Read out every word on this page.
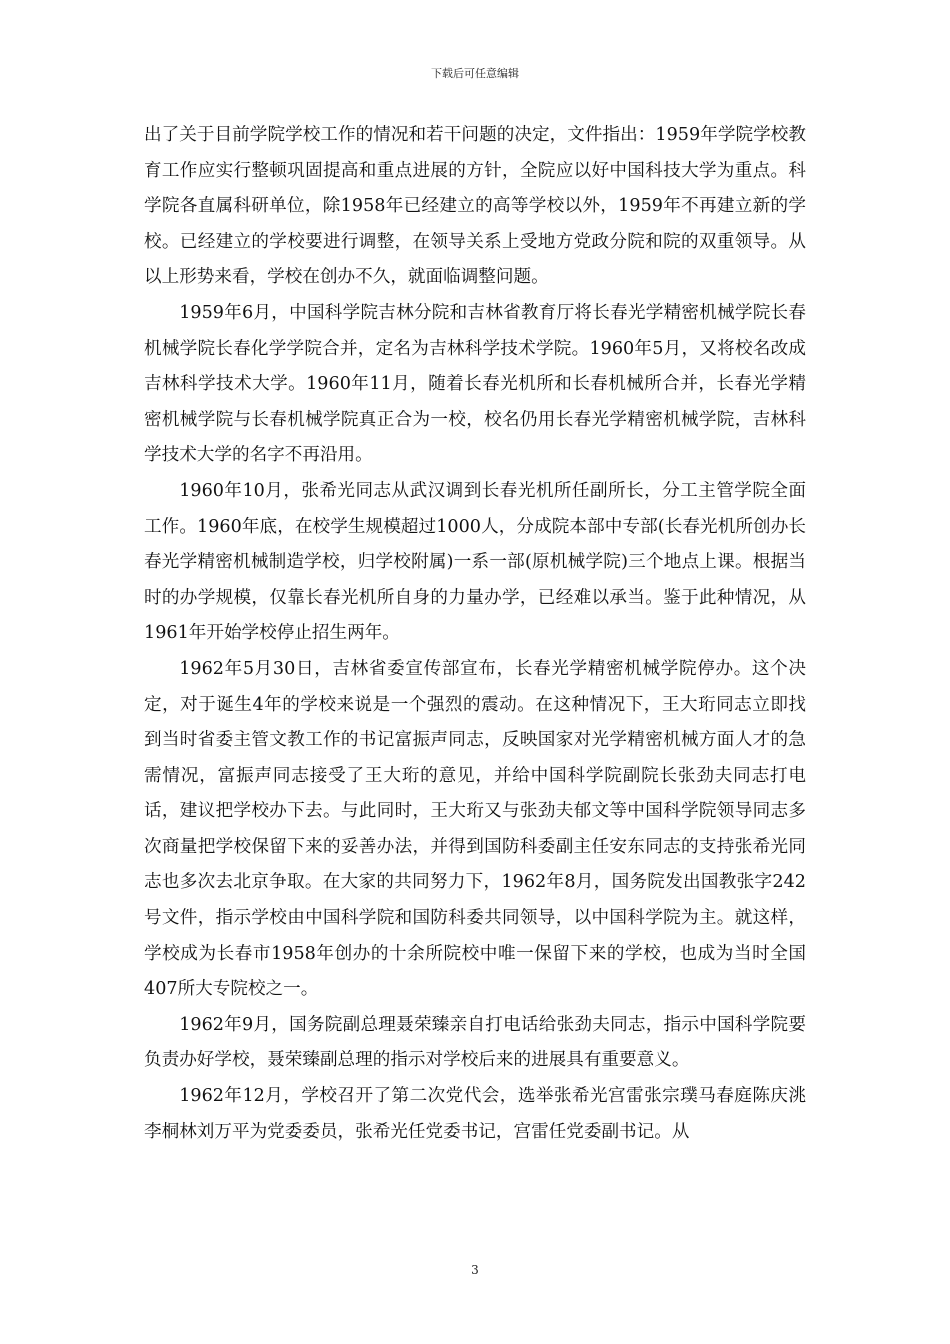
下载后可任意编辑

出了关于目前学院学校工作的情况和若干问题的决定，文件指出：1959年学院学校教育工作应实行整顿巩固提高和重点进展的方针，全院应以好中国科技大学为重点。科学院各直属科研单位，除1958年已经建立的高等学校以外，1959年不再建立新的学校。已经建立的学校要进行调整，在领导关系上受地方党政分院和院的双重领导。从以上形势来看，学校在创办不久，就面临调整问题。

1959年6月，中国科学院吉林分院和吉林省教育厅将长春光学精密机械学院长春机械学院长春化学学院合并，定名为吉林科学技术学院。1960年5月，又将校名改成吉林科学技术大学。1960年11月，随着长春光机所和长春机械所合并，长春光学精密机械学院与长春机械学院真正合为一校，校名仍用长春光学精密机械学院，吉林科学技术大学的名字不再沿用。

1960年10月，张希光同志从武汉调到长春光机所任副所长，分工主管学院全面工作。1960年底，在校学生规模超过1000人，分成院本部中专部(长春光机所创办长春光学精密机械制造学校，归学校附属)一系一部(原机械学院)三个地点上课。根据当时的办学规模，仅靠长春光机所自身的力量办学，已经难以承当。鉴于此种情况，从1961年开始学校停止招生两年。

1962年5月30日，吉林省委宣传部宣布，长春光学精密机械学院停办。这个决定，对于诞生4年的学校来说是一个强烈的震动。在这种情况下，王大珩同志立即找到当时省委主管文教工作的书记富振声同志，反映国家对光学精密机械方面人才的急需情况，富振声同志接受了王大珩的意见，并给中国科学院副院长张劲夫同志打电话，建议把学校办下去。与此同时，王大珩又与张劲夫郁文等中国科学院领导同志多次商量把学校保留下来的妥善办法，并得到国防科委副主任安东同志的支持张希光同志也多次去北京争取。在大家的共同努力下，1962年8月，国务院发出国教张字242号文件，指示学校由中国科学院和国防科委共同领导，以中国科学院为主。就这样，学校成为长春市1958年创办的十余所院校中唯一保留下来的学校，也成为当时全国407所大专院校之一。

1962年9月，国务院副总理聂荣臻亲自打电话给张劲夫同志，指示中国科学院要负责办好学校，聂荣臻副总理的指示对学校后来的进展具有重要意义。

1962年12月，学校召开了第二次党代会，选举张希光宫雷张宗璞马春庭陈庆洮李桐林刘万平为党委委员，张希光任党委书记，宫雷任党委副书记。从

3
